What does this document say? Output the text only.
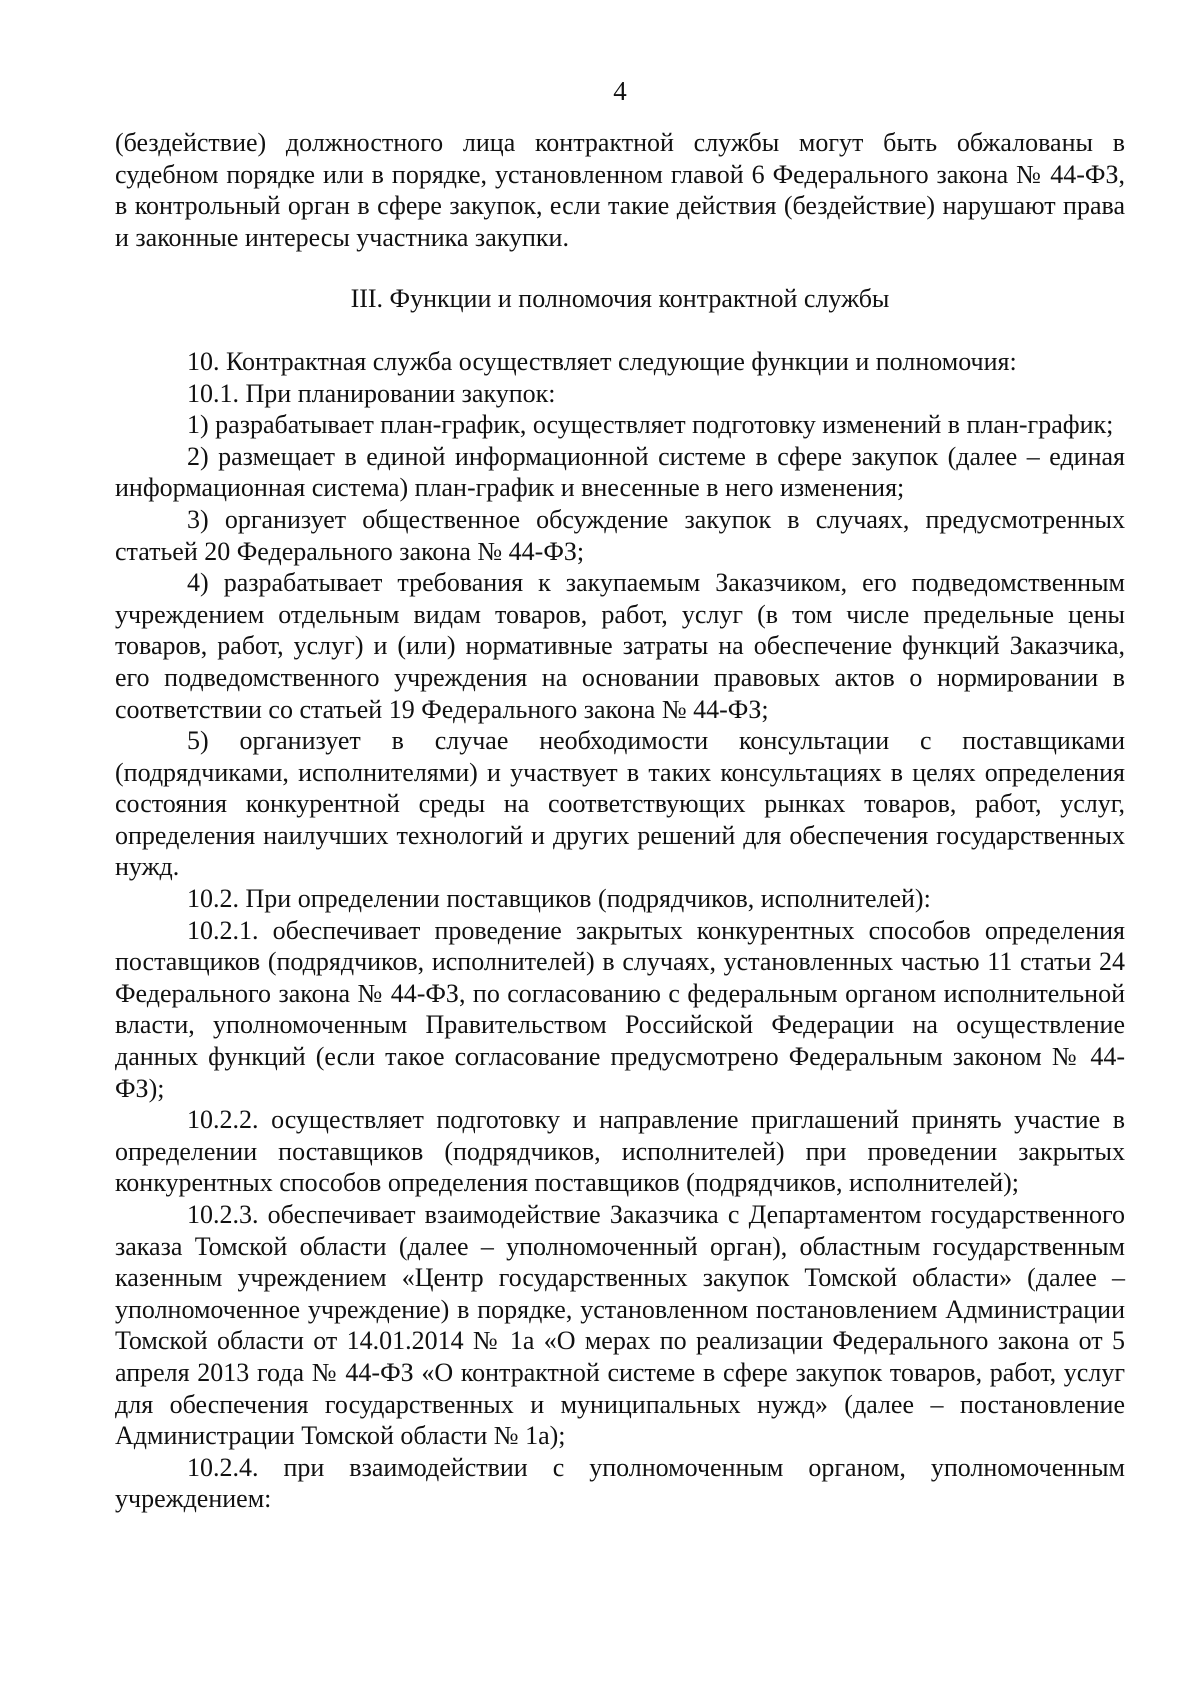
4

(бездействие) должностного лица контрактной службы могут быть обжалованы в судебном порядке или в порядке, установленном главой 6 Федерального закона № 44-ФЗ, в контрольный орган в сфере закупок, если такие действия (бездействие) нарушают права и законные интересы участника закупки.

III. Функции и полномочия контрактной службы

10. Контрактная служба осуществляет следующие функции и полномочия:

10.1. При планировании закупок:

1) разрабатывает план-график, осуществляет подготовку изменений в план-график;

2) размещает в единой информационной системе в сфере закупок (далее – единая информационная система) план-график и внесенные в него изменения;

3) организует общественное обсуждение закупок в случаях, предусмотренных статьей 20 Федерального закона № 44-ФЗ;

4) разрабатывает требования к закупаемым Заказчиком, его подведомственным учреждением отдельным видам товаров, работ, услуг (в том числе предельные цены товаров, работ, услуг) и (или) нормативные затраты на обеспечение функций Заказчика, его подведомственного учреждения на основании правовых актов о нормировании в соответствии со статьей 19 Федерального закона № 44-ФЗ;

5) организует в случае необходимости консультации с поставщиками (подрядчиками, исполнителями) и участвует в таких консультациях в целях определения состояния конкурентной среды на соответствующих рынках товаров, работ, услуг, определения наилучших технологий и других решений для обеспечения государственных нужд.

10.2. При определении поставщиков (подрядчиков, исполнителей):

10.2.1. обеспечивает проведение закрытых конкурентных способов определения поставщиков (подрядчиков, исполнителей) в случаях, установленных частью 11 статьи 24 Федерального закона № 44-ФЗ, по согласованию с федеральным органом исполнительной власти, уполномоченным Правительством Российской Федерации на осуществление данных функций (если такое согласование предусмотрено Федеральным законом № 44-ФЗ);

10.2.2. осуществляет подготовку и направление приглашений принять участие в определении поставщиков (подрядчиков, исполнителей) при проведении закрытых конкурентных способов определения поставщиков (подрядчиков, исполнителей);

10.2.3. обеспечивает взаимодействие Заказчика с Департаментом государственного заказа Томской области (далее – уполномоченный орган), областным государственным казенным учреждением «Центр государственных закупок Томской области» (далее – уполномоченное учреждение) в порядке, установленном постановлением Администрации Томской области от 14.01.2014 № 1а «О мерах по реализации Федерального закона от 5 апреля 2013 года № 44-ФЗ «О контрактной системе в сфере закупок товаров, работ, услуг для обеспечения государственных и муниципальных нужд» (далее – постановление Администрации Томской области № 1а);

10.2.4. при взаимодействии с уполномоченным органом, уполномоченным учреждением:
